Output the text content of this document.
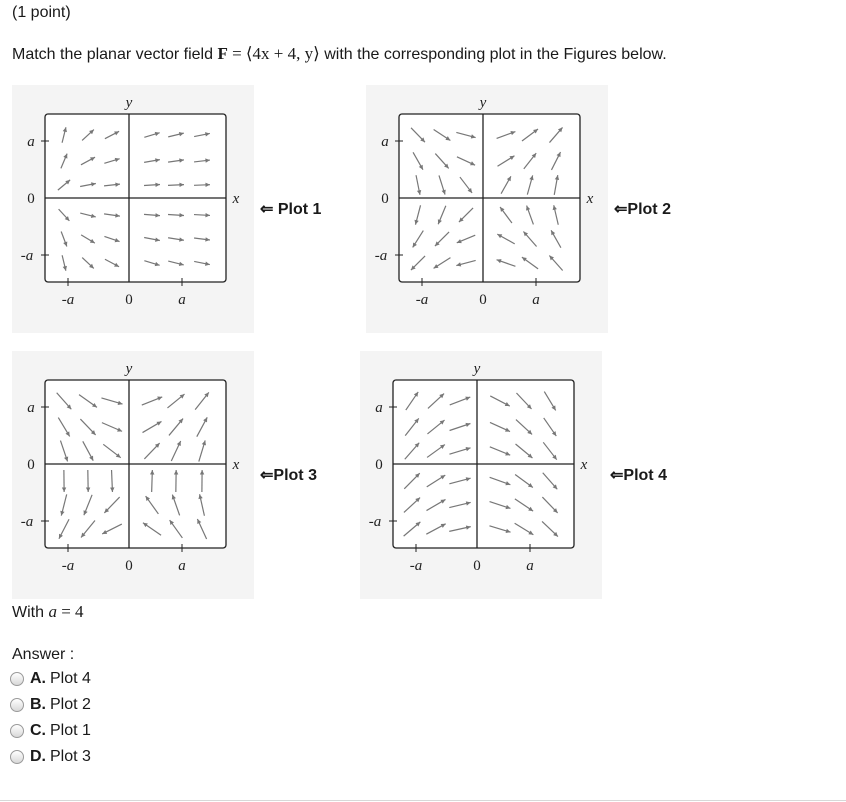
(1 point)
Match the planar vector field F = ⟨4x + 4, y⟩ with the corresponding plot in the Figures below.
y
x
a
0
-a
-a	0	a
⇐ Plot 1
y
x
a
0
-a
-a	0	a
⇐Plot 2
y
x
a
0
-a
-a	0	a
⇐Plot 3
y
x
a
0
-a
-a	0	a
⇐Plot 4
With a = 4
Answer :
A. Plot 4
B. Plot 2
C. Plot 1
D. Plot 3
